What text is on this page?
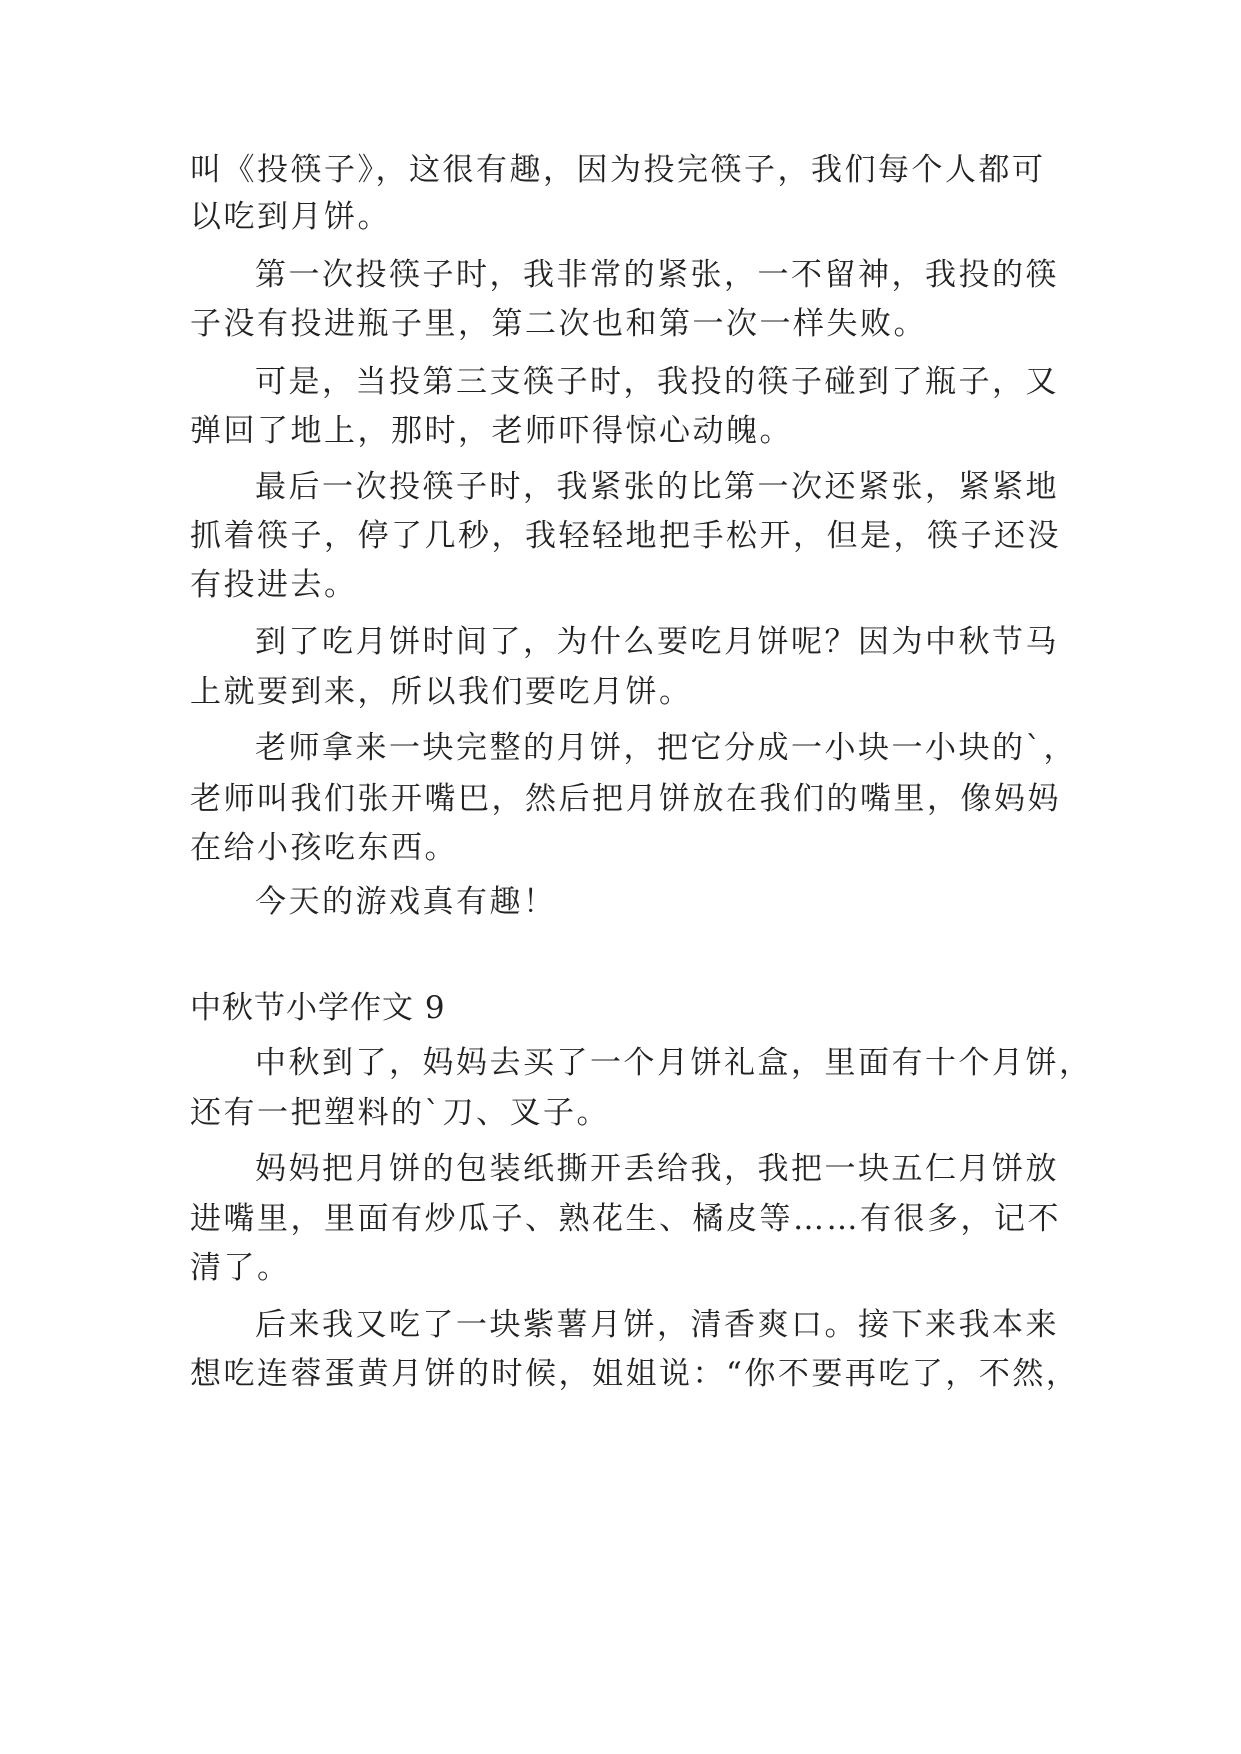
叫《投筷子》，这很有趣，因为投完筷子，我们每个人都可
以吃到月饼。
第一次投筷子时，我非常的紧张，一不留神，我投的筷
子没有投进瓶子里，第二次也和第一次一样失败。
可是，当投第三支筷子时，我投的筷子碰到了瓶子，又
弹回了地上，那时，老师吓得惊心动魄。
最后一次投筷子时，我紧张的比第一次还紧张，紧紧地
抓着筷子，停了几秒，我轻轻地把手松开，但是，筷子还没
有投进去。
到了吃月饼时间了，为什么要吃月饼呢？因为中秋节马
上就要到来，所以我们要吃月饼。
老师拿来一块完整的月饼，把它分成一小块一小块的`，
老师叫我们张开嘴巴，然后把月饼放在我们的嘴里，像妈妈
在给小孩吃东西。
今天的游戏真有趣！
中秋节小学作文 9
中秋到了，妈妈去买了一个月饼礼盒，里面有十个月饼，
还有一把塑料的`刀、叉子。
妈妈把月饼的包装纸撕开丢给我，我把一块五仁月饼放
进嘴里，里面有炒瓜子、熟花生、橘皮等……有很多，记不
清了。
后来我又吃了一块紫薯月饼，清香爽口。接下来我本来
想吃连蓉蛋黄月饼的时候，姐姐说：“你不要再吃了，不然，
